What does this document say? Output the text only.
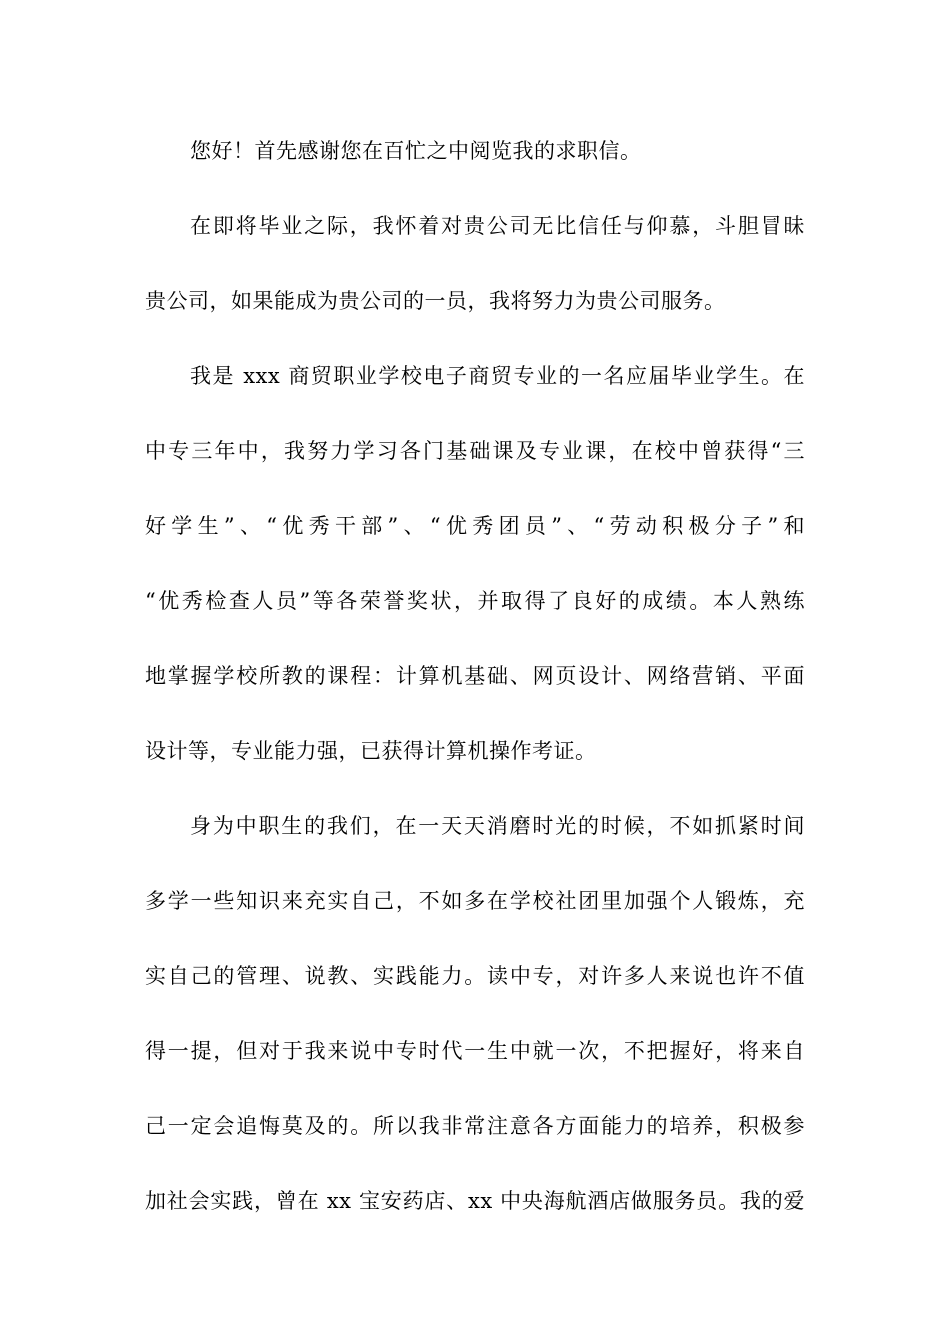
您好！首先感谢您在百忙之中阅览我的求职信。
在即将毕业之际，我怀着对贵公司无比信任与仰慕，斗胆冒昧
贵公司，如果能成为贵公司的一员，我将努力为贵公司服务。
我是 xxx 商贸职业学校电子商贸专业的一名应届毕业学生。在
中专三年中，我努力学习各门基础课及专业课，在校中曾获得“三
好学生”、“优秀干部”、“优秀团员”、“劳动积极分子”和
“优秀检查人员”等各荣誉奖状，并取得了良好的成绩。本人熟练
地掌握学校所教的课程：计算机基础、网页设计、网络营销、平面
设计等，专业能力强，已获得计算机操作考证。
身为中职生的我们，在一天天消磨时光的时候，不如抓紧时间
多学一些知识来充实自己，不如多在学校社团里加强个人锻炼，充
实自己的管理、说教、实践能力。读中专，对许多人来说也许不值
得一提，但对于我来说中专时代一生中就一次，不把握好，将来自
己一定会追悔莫及的。所以我非常注意各方面能力的培养，积极参
加社会实践，曾在 xx 宝安药店、xx 中央海航酒店做服务员。我的爱
